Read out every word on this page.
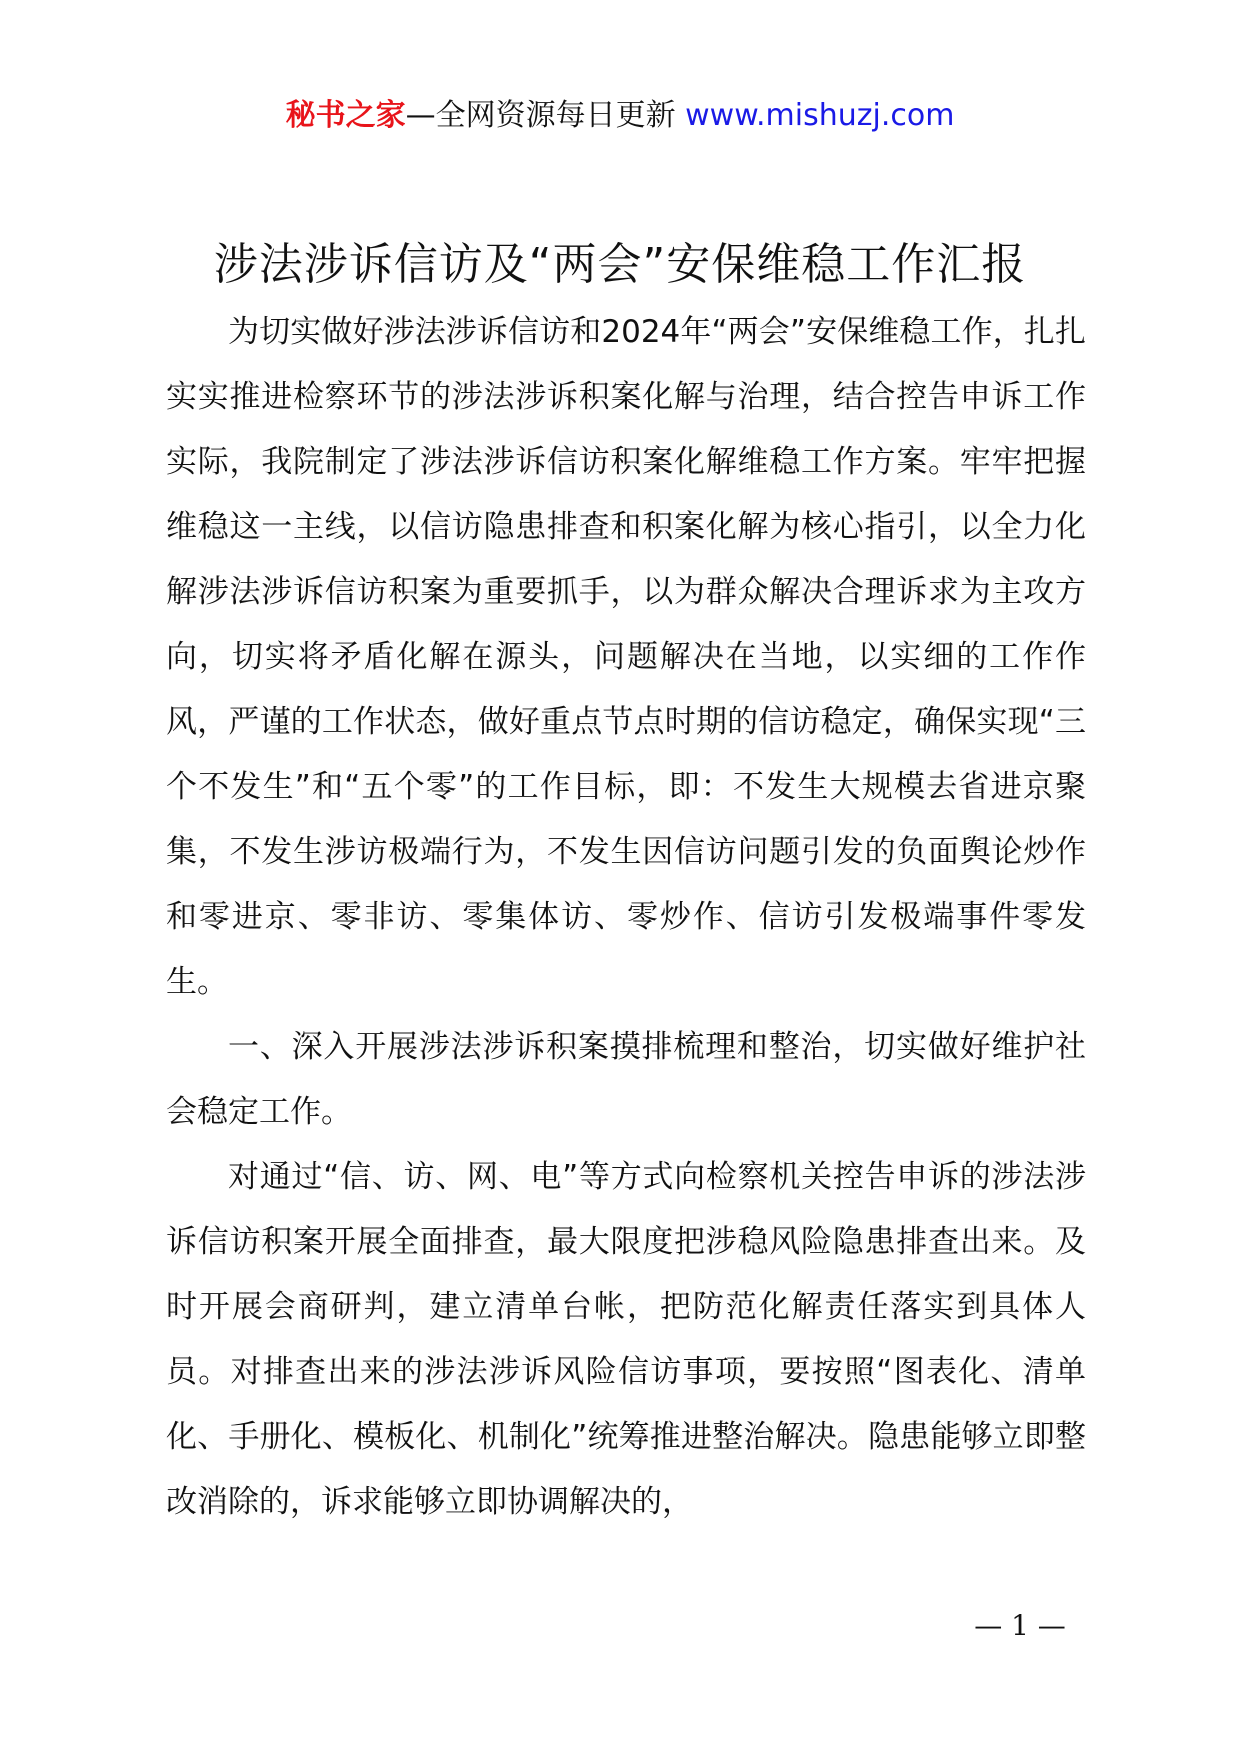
秘书之家—全网资源每日更新 www.mishuzj.com
涉法涉诉信访及“两会”安保维稳工作汇报

为切实做好涉法涉诉信访和2024年“两会”安保维稳工作，扎扎实实推进检察环节的涉法涉诉积案化解与治理，结合控告申诉工作实际，我院制定了涉法涉诉信访积案化解维稳工作方案。牢牢把握维稳这一主线，以信访隐患排查和积案化解为核心指引，以全力化解涉法涉诉信访积案为重要抓手，以为群众解决合理诉求为主攻方向，切实将矛盾化解在源头，问题解决在当地，以实细的工作作风，严谨的工作状态，做好重点节点时期的信访稳定，确保实现“三个不发生”和“五个零”的工作目标，即：不发生大规模去省进京聚集，不发生涉访极端行为，不发生因信访问题引发的负面舆论炒作和零进京、零非访、零集体访、零炒作、信访引发极端事件零发生。

一、深入开展涉法涉诉积案摸排梳理和整治，切实做好维护社会稳定工作。

对通过“信、访、网、电”等方式向检察机关控告申诉的涉法涉诉信访积案开展全面排查，最大限度把涉稳风险隐患排查出来。及时开展会商研判，建立清单台帐，把防范化解责任落实到具体人员。对排查出来的涉法涉诉风险信访事项，要按照“图表化、清单化、手册化、模板化、机制化”统筹推进整治解决。隐患能够立即整改消除的，诉求能够立即协调解决的，

— 1 —
